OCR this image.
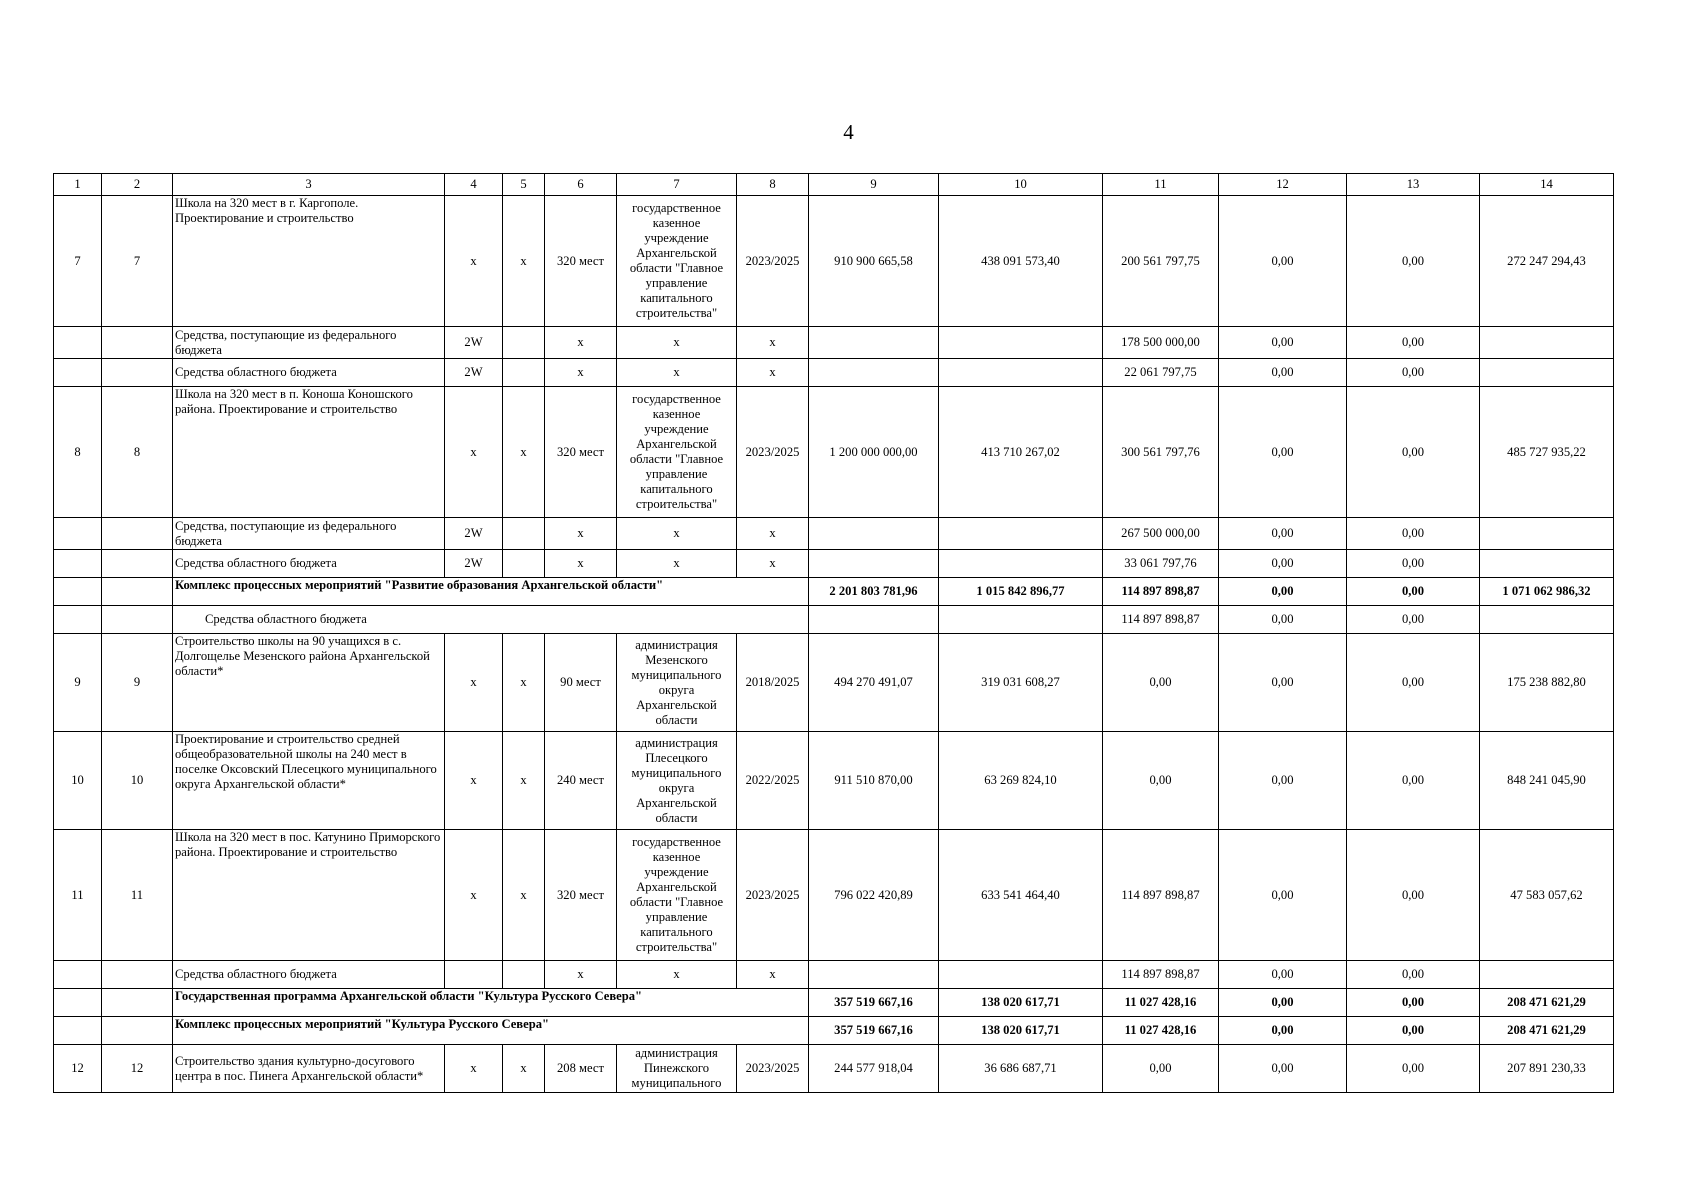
4
1	2	3	4	5	6	7	8	9	10	11	12	13	14
7	7	Школа на 320 мест в г. Каргополе. Проектирование и строительство	х	х	320 мест	государственное казенное учреждение Архангельской области "Главное управление капитального строительства"	2023/2025	910 900 665,58	438 091 573,40	200 561 797,75	0,00	0,00	272 247 294,43
		Средства, поступающие из федерального бюджета	2W		х	х	х			178 500 000,00	0,00	0,00	
		Средства областного бюджета	2W		х	х	х			22 061 797,75	0,00	0,00	
8	8	Школа на 320 мест в п. Коноша Коношского района. Проектирование и строительство	х	х	320 мест	государственное казенное учреждение Архангельской области "Главное управление капитального строительства"	2023/2025	1 200 000 000,00	413 710 267,02	300 561 797,76	0,00	0,00	485 727 935,22
		Средства, поступающие из федерального бюджета	2W		х	х	х			267 500 000,00	0,00	0,00	
		Средства областного бюджета	2W		х	х	х			33 061 797,76	0,00	0,00	
		Комплекс процессных мероприятий "Развитие образования Архангельской области"						2 201 803 781,96	1 015 842 896,77	114 897 898,87	0,00	0,00	1 071 062 986,32
		Средства областного бюджета								114 897 898,87	0,00	0,00	
9	9	Строительство школы на 90 учащихся в с. Долгощелье Мезенского района Архангельской области*	х	х	90 мест	администрация Мезенского муниципального округа Архангельской области	2018/2025	494 270 491,07	319 031 608,27	0,00	0,00	0,00	175 238 882,80
10	10	Проектирование и строительство средней общеобразовательной школы на 240 мест в поселке Оксовский Плесецкого муниципального округа Архангельской области*	х	х	240 мест	администрация Плесецкого муниципального округа Архангельской области	2022/2025	911 510 870,00	63 269 824,10	0,00	0,00	0,00	848 241 045,90
11	11	Школа на 320 мест в пос. Катунино Приморского района. Проектирование и строительство	х	х	320 мест	государственное казенное учреждение Архангельской области "Главное управление капитального строительства"	2023/2025	796 022 420,89	633 541 464,40	114 897 898,87	0,00	0,00	47 583 057,62
		Средства областного бюджета			х	х	х			114 897 898,87	0,00	0,00	
		Государственная программа Архангельской области "Культура Русского Севера"						357 519 667,16	138 020 617,71	11 027 428,16	0,00	0,00	208 471 621,29
		Комплекс процессных мероприятий "Культура Русского Севера"						357 519 667,16	138 020 617,71	11 027 428,16	0,00	0,00	208 471 621,29
12	12	Строительство здания культурно-досугового центра в пос. Пинега Архангельской области*	х	х	208 мест	администрация Пинежского муниципального	2023/2025	244 577 918,04	36 686 687,71	0,00	0,00	0,00	207 891 230,33
